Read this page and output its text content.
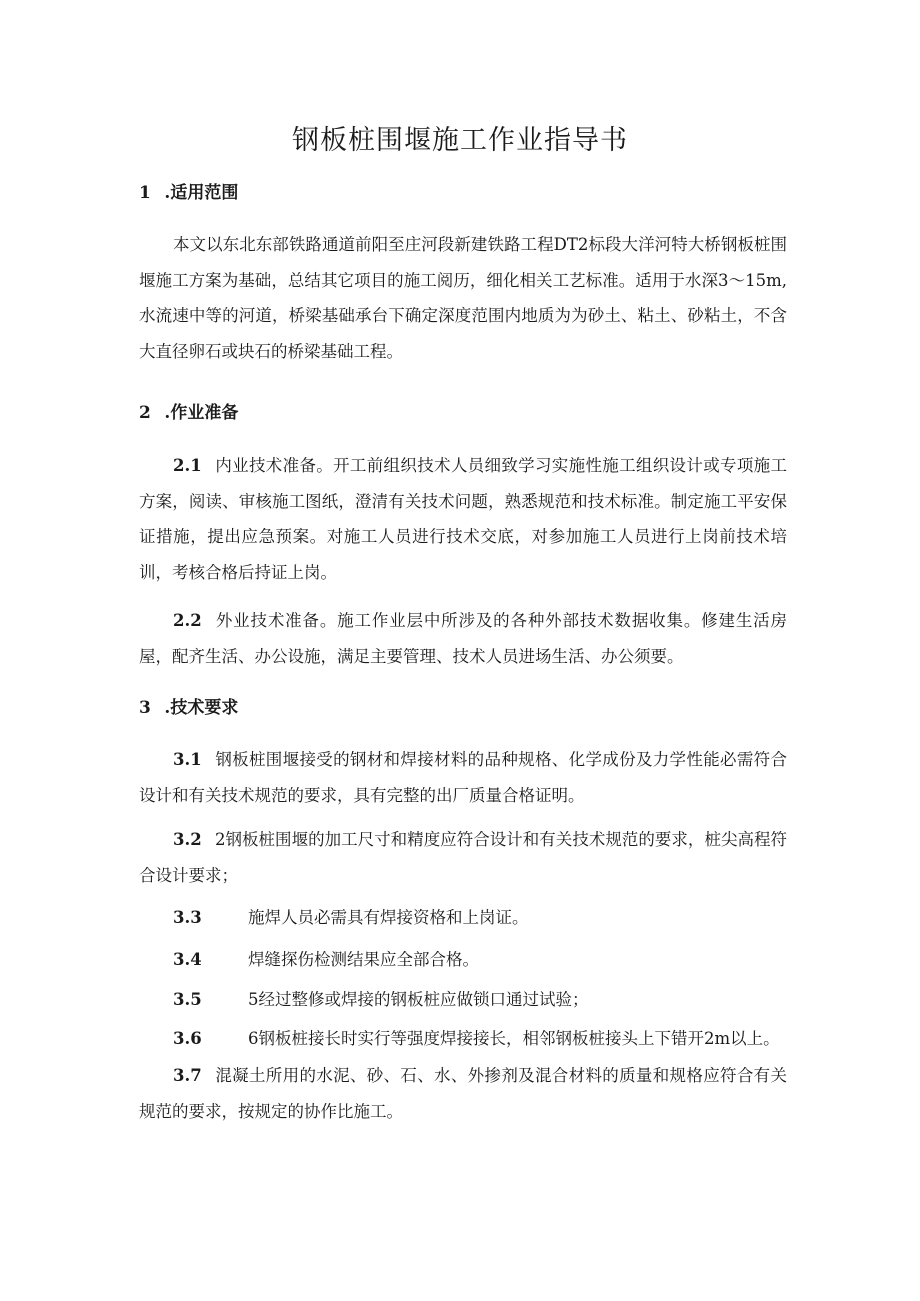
钢板桩围堰施工作业指导书
1 .适用范围

本文以东北东部铁路通道前阳至庄河段新建铁路工程DT2标段大洋河特大桥钢板桩围堰施工方案为基础，总结其它项目的施工阅历，细化相关工艺标准。适用于水深3～15m,水流速中等的河道，桥梁基础承台下确定深度范围内地质为为砂土、粘土、砂粘土，不含大直径卵石或块石的桥梁基础工程。

2 .作业准备

2.1 内业技术准备。开工前组织技术人员细致学习实施性施工组织设计或专项施工方案，阅读、审核施工图纸，澄清有关技术问题，熟悉规范和技术标准。制定施工平安保证措施，提出应急预案。对施工人员进行技术交底，对参加施工人员进行上岗前技术培训，考核合格后持证上岗。

2.2 外业技术准备。施工作业层中所涉及的各种外部技术数据收集。修建生活房屋，配齐生活、办公设施，满足主要管理、技术人员进场生活、办公须要。

3 .技术要求

3.1 钢板桩围堰接受的钢材和焊接材料的品种规格、化学成份及力学性能必需符合设计和有关技术规范的要求，具有完整的出厂质量合格证明。

3.2 2钢板桩围堰的加工尺寸和精度应符合设计和有关技术规范的要求，桩尖高程符合设计要求；

3.3	施焊人员必需具有焊接资格和上岗证。

3.4	焊缝探伤检测结果应全部合格。

3.5	5经过整修或焊接的钢板桩应做锁口通过试验；

3.6	6钢板桩接长时实行等强度焊接接长，相邻钢板桩接头上下错开2m以上。

3.7 混凝土所用的水泥、砂、石、水、外掺剂及混合材料的质量和规格应符合有关规范的要求，按规定的协作比施工。
